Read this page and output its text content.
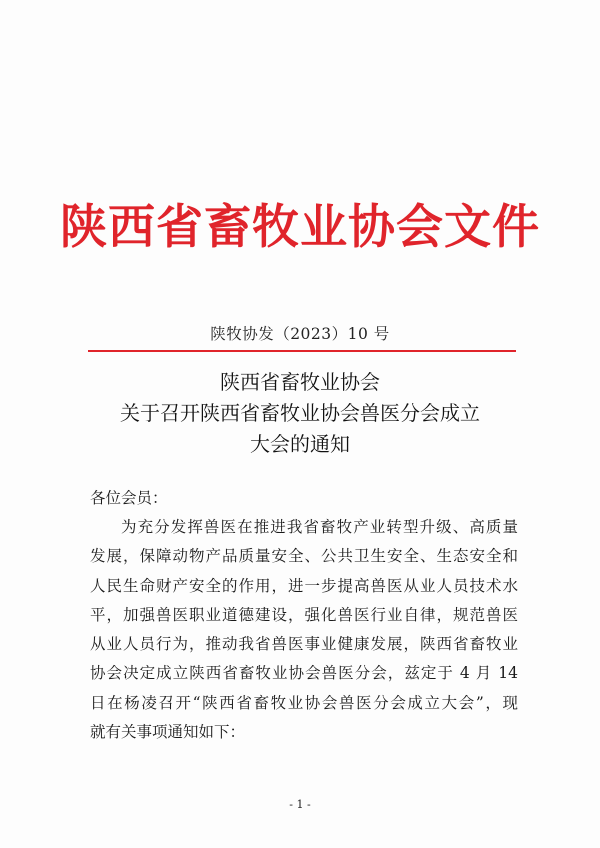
陕西省畜牧业协会文件
陕牧协发（2023）10 号
陕西省畜牧业协会
关于召开陕西省畜牧业协会兽医分会成立
大会的通知
各位会员：
为充分发挥兽医在推进我省畜牧产业转型升级、高质量
发展，保障动物产品质量安全、公共卫生安全、生态安全和
人民生命财产安全的作用，进一步提高兽医从业人员技术水
平，加强兽医职业道德建设，强化兽医行业自律，规范兽医
从业人员行为，推动我省兽医事业健康发展，陕西省畜牧业
协会决定成立陕西省畜牧业协会兽医分会，兹定于 4 月 14
日在杨凌召开“陕西省畜牧业协会兽医分会成立大会”，现
就有关事项通知如下：
- 1 -
